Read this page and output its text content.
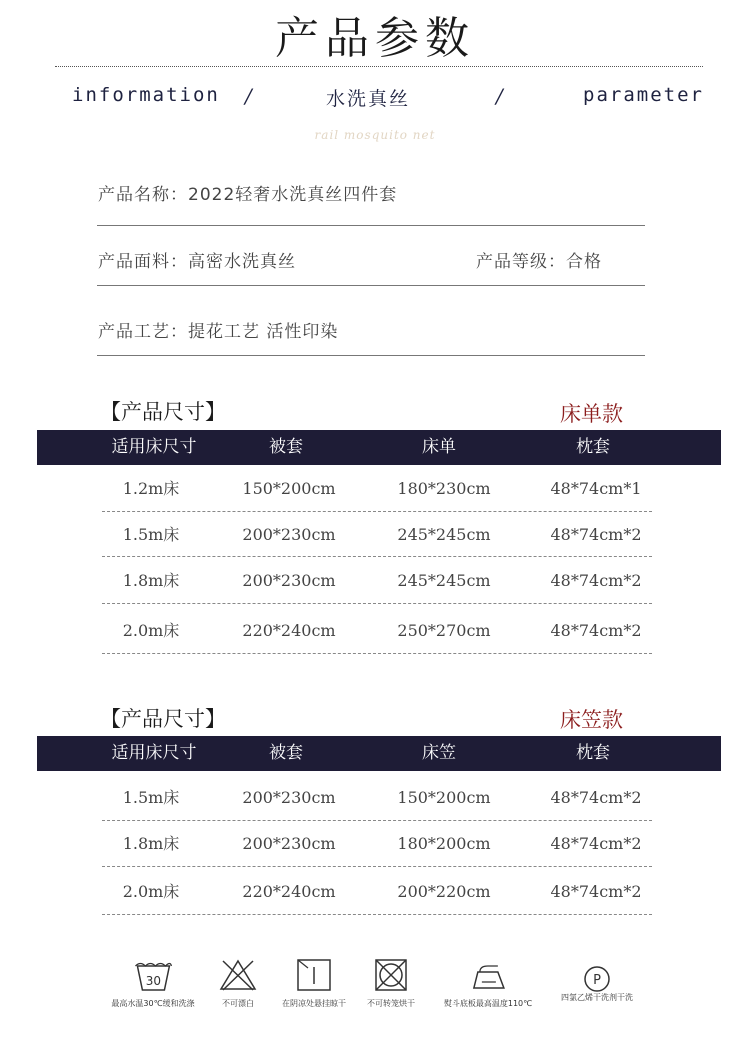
产品参数
information /	水洗真丝	/	parameter
rail mosquito net
产品名称：2022轻奢水洗真丝四件套
产品面料：高密水洗真丝	产品等级：合格
产品工艺：提花工艺 活性印染
【产品尺寸】	床单款
适用床尺寸	被套	床单	枕套
1.2m床	150*200cm	180*230cm	48*74cm*1
1.5m床	200*230cm	245*245cm	48*74cm*2
1.8m床	200*230cm	245*245cm	48*74cm*2
2.0m床	220*240cm	250*270cm	48*74cm*2
【产品尺寸】	床笠款
适用床尺寸	被套	床笠	枕套
1.5m床	200*230cm	150*200cm	48*74cm*2
1.8m床	200*230cm	180*200cm	48*74cm*2
2.0m床	220*240cm	200*220cm	48*74cm*2
30
最高水温30℃缓和洗涤	不可漂白	在阴凉处悬挂晾干	不可转笼烘干	熨斗底板最高温度110℃
P
四氯乙烯干洗剂干洗
